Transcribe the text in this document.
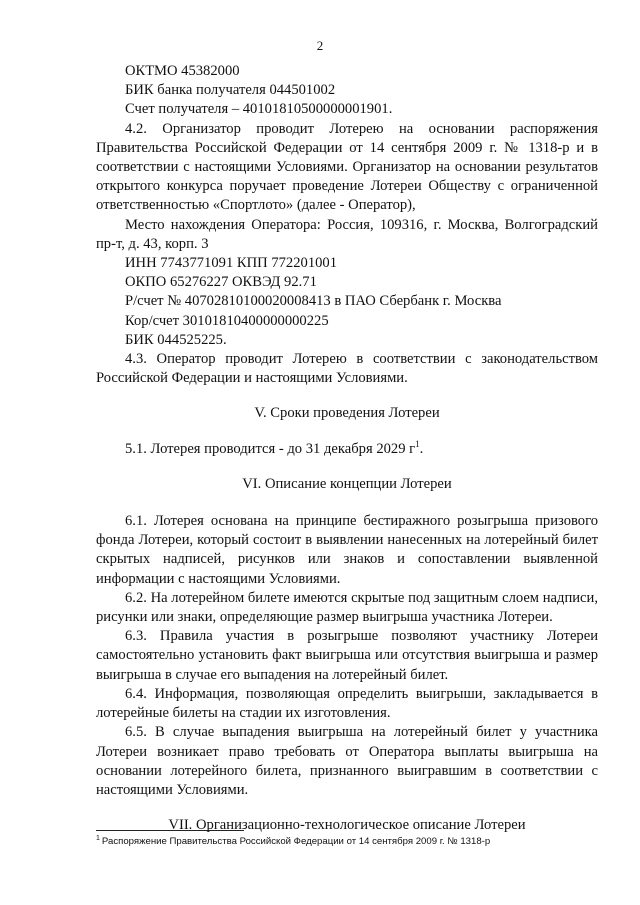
2
ОКТМО 45382000
БИК банка получателя 044501002
Счет получателя – 40101810500000001901.

4.2. Организатор проводит Лотерею на основании распоряжения Правительства Российской Федерации от 14 сентября 2009 г. № 1318-р и в соответствии с настоящими Условиями. Организатор на основании результатов открытого конкурса поручает проведение Лотереи Обществу с ограниченной ответственностью «Спортлото» (далее - Оператор),

Место нахождения Оператора: Россия, 109316, г. Москва, Волгоградский пр-т, д. 43, корп. 3

ИНН 7743771091 КПП 772201001
ОКПО 65276227 ОКВЭД 92.71
Р/счет № 40702810100020008413 в ПАО Сбербанк г. Москва
Кор/счет 30101810400000000225
БИК 044525225.

4.3. Оператор проводит Лотерею в соответствии с законодательством Российской Федерации и настоящими Условиями.

V. Сроки проведения Лотереи

5.1. Лотерея проводится - до 31 декабря 2029 $г^1$.

VI. Описание концепции Лотереи

6.1. Лотерея основана на принципе бестиражного розыгрыша призового фонда Лотереи, который состоит в выявлении нанесенных на лотерейный билет скрытых надписей, рисунков или знаков и сопоставлении выявленной информации с настоящими Условиями.

6.2. На лотерейном билете имеются скрытые под защитным слоем надписи, рисунки или знаки, определяющие размер выигрыша участника Лотереи.

6.3. Правила участия в розыгрыше позволяют участнику Лотереи самостоятельно установить факт выигрыша или отсутствия выигрыша и размер выигрыша в случае его выпадения на лотерейный билет.

6.4. Информация, позволяющая определить выигрыши, закладывается в лотерейные билеты на стадии их изготовления.

6.5. В случае выпадения выигрыша на лотерейный билет у участника Лотереи возникает право требовать от Оператора выплаты выигрыша на основании лотерейного билета, признанного выигравшим в соответствии с настоящими Условиями.

VII. Организационно-технологическое описание Лотереи

$^1$ Распоряжение Правительства Российской Федерации от 14 сентября 2009 г. № 1318-р
